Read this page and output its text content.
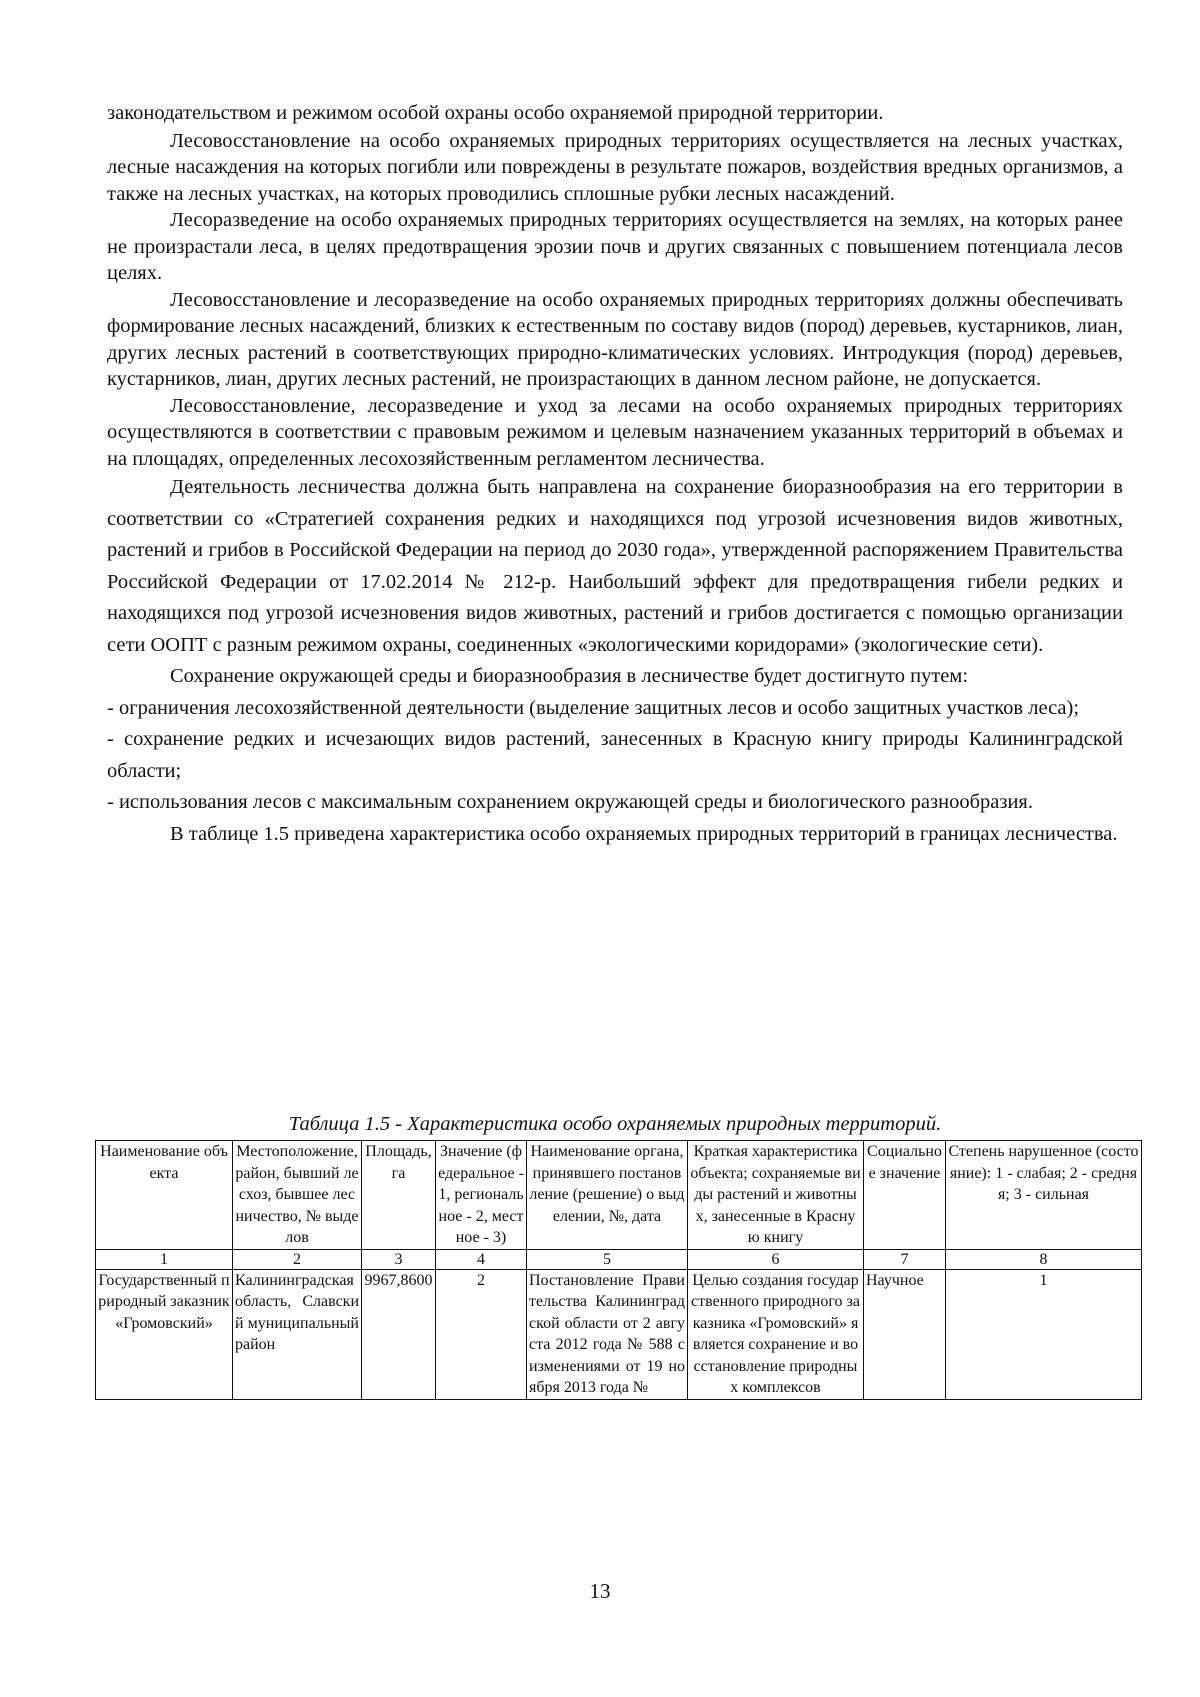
законодательством и режимом особой охраны особо охраняемой природной территории.

Лесовосстановление на особо охраняемых природных территориях осуществляется на лесных участках, лесные насаждения на которых погибли или повреждены в результате пожаров, воздействия вредных организмов, а также на лесных участках, на которых проводились сплошные рубки лесных насаждений.

Лесоразведение на особо охраняемых природных территориях осуществляется на землях, на которых ранее не произрастали леса, в целях предотвращения эрозии почв и других связанных с повышением потенциала лесов целях.

Лесовосстановление и лесоразведение на особо охраняемых природных территориях должны обеспечивать формирование лесных насаждений, близких к естественным по составу видов (пород) деревьев, кустарников, лиан, других лесных растений в соответствующих природно-климатических условиях. Интродукция (пород) деревьев, кустарников, лиан, других лесных растений, не произрастающих в данном лесном районе, не допускается.

Лесовосстановление, лесоразведение и уход за лесами на особо охраняемых природных территориях осуществляются в соответствии с правовым режимом и целевым назначением указанных территорий в объемах и на площадях, определенных лесохозяйственным регламентом лесничества.

Деятельность лесничества должна быть направлена на сохранение биоразнообразия на его территории в соответствии со «Стратегией сохранения редких и находящихся под угрозой исчезновения видов животных, растений и грибов в Российской Федерации на период до 2030 года», утвержденной распоряжением Правительства Российской Федерации от 17.02.2014 № 212-р. Наибольший эффект для предотвращения гибели редких и находящихся под угрозой исчезновения видов животных, растений и грибов достигается с помощью организации сети ООПТ с разным режимом охраны, соединенных «экологическими коридорами» (экологические сети).

Сохранение окружающей среды и биоразнообразия в лесничестве будет достигнуто путем:

- ограничения лесохозяйственной деятельности (выделение защитных лесов и особо защитных участков леса);

- сохранение редких и исчезающих видов растений, занесенных в Красную книгу природы Калининградской области;

- использования лесов с максимальным сохранением окружающей среды и биологического разнообразия.

В таблице 1.5 приведена характеристика особо охраняемых природных территорий в границах лесничества.

Таблица 1.5 - Характеристика особо охраняемых природных территорий.

Наименование объекта	Местоположение, район, бывший лесхоз, бывшее лесничество, № выделов	Площадь, га	Значение (федеральное - 1, региональное - 2, местное - 3)	Наименование органа, принявшего постановление (решение) о выделении, №, дата	Краткая характеристика объекта; сохраняемые виды растений и животных, занесенные в Красную книгу	Социальное значение	Степень нарушенное (состояние): 1 - слабая; 2 - средняя; 3 - сильная
1	2	3	4	5	6	7	8
Государственный природный заказник «Громовский»	Калининградская область, Славский муниципальный район	9967,8600	2	Постановление Правительства Калининградской области от 2 августа 2012 года № 588 с изменениями от 19 ноября 2013 года №	Целью создания государственного природного заказника «Громовский» является сохранение и восстановление природных комплексов	Научное	1
13
